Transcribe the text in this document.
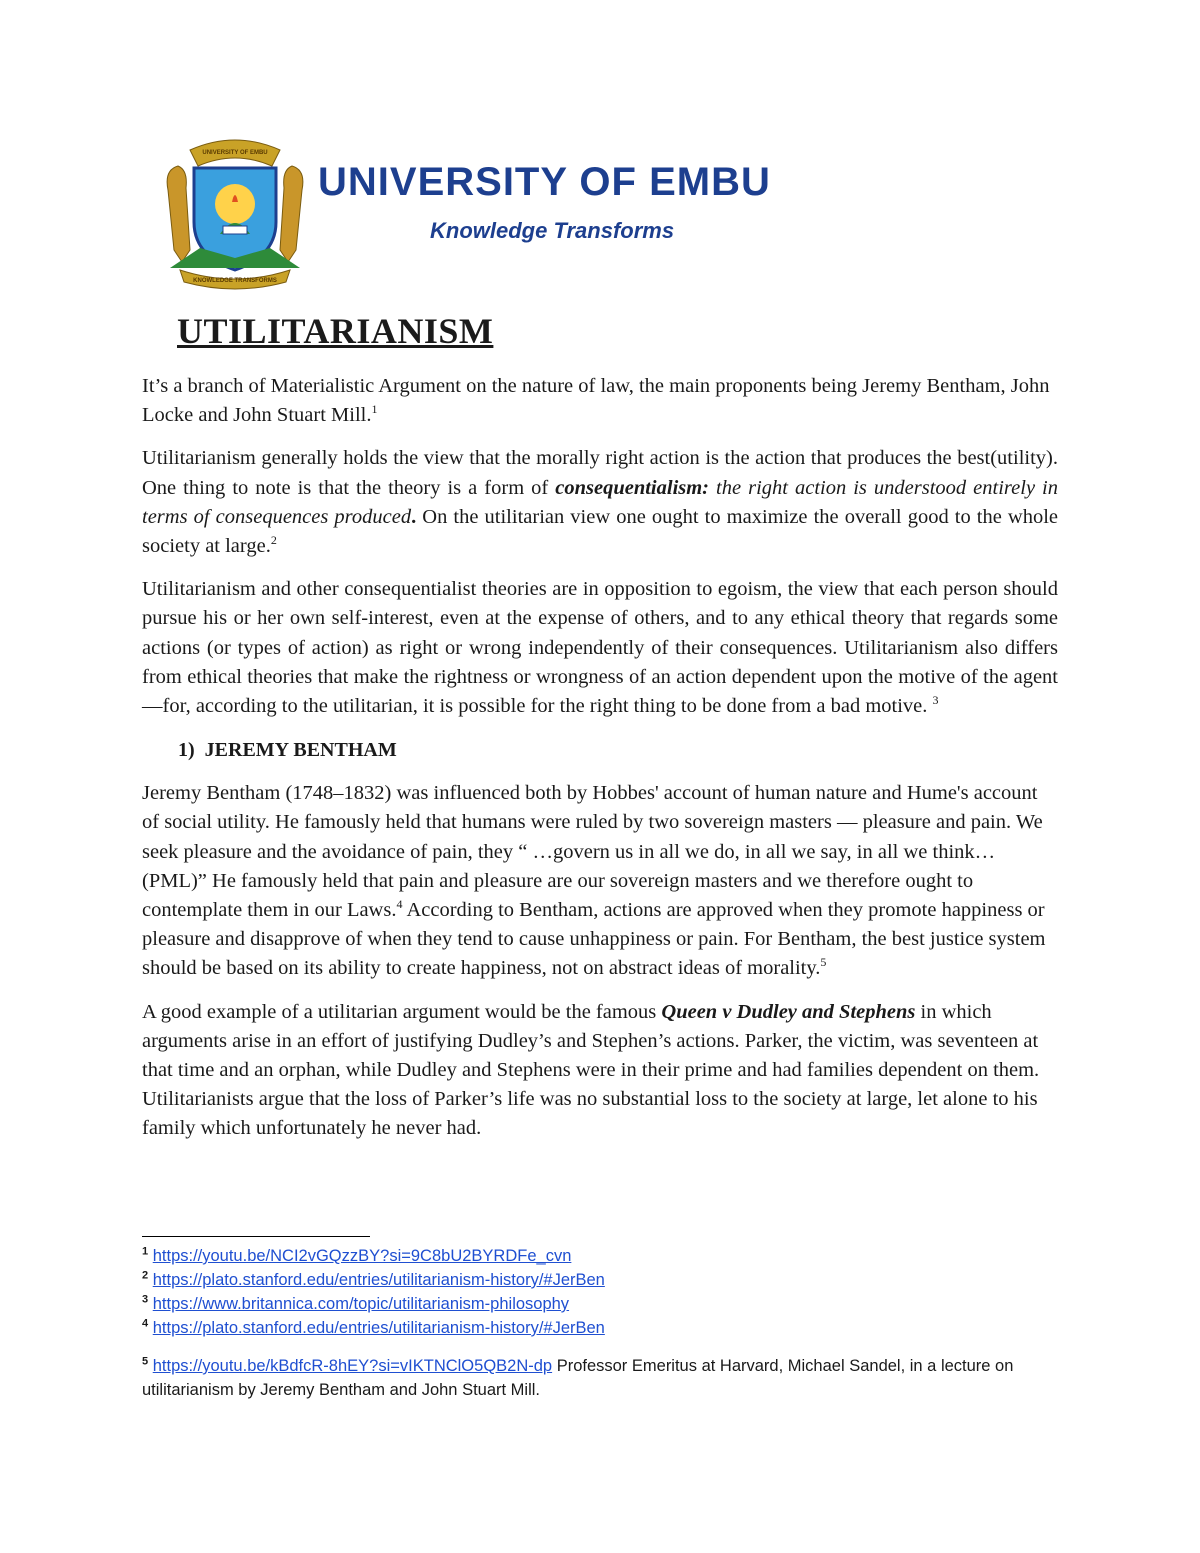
UNIVERSITY OF EMBU
KNOWLEDGE TRANSFORMS
UNIVERSITY OF EMBU
Knowledge Transforms
UTILITARIANISM

It’s a branch of Materialistic Argument on the nature of law, the main proponents being Jeremy Bentham, John Locke and John Stuart Mill.$^1$

Utilitarianism generally holds the view that the morally right action is the action that produces the best(utility). One thing to note is that the theory is a form of consequentialism: the right action is understood entirely in terms of consequences produced. On the utilitarian view one ought to maximize the overall good to the whole society at large.$^2$

Utilitarianism and other consequentialist theories are in opposition to egoism, the view that each person should pursue his or her own self-interest, even at the expense of others, and to any ethical theory that regards some actions (or types of action) as right or wrong independently of their consequences. Utilitarianism also differs from ethical theories that make the rightness or wrongness of an action dependent upon the motive of the agent—for, according to the utilitarian, it is possible for the right thing to be done from a bad motive. $^3$

1)  JEREMY BENTHAM

Jeremy Bentham (1748–1832) was influenced both by Hobbes' account of human nature and Hume's account of social utility. He famously held that humans were ruled by two sovereign masters — pleasure and pain. We seek pleasure and the avoidance of pain, they “ …govern us in all we do, in all we say, in all we think…(PML)” He famously held that pain and pleasure are our sovereign masters and we therefore ought to contemplate them in our Laws.$^4$ According to Bentham, actions are approved when they promote happiness or pleasure and disapprove of when they tend to cause unhappiness or pain. For Bentham, the best justice system should be based on its ability to create happiness, not on abstract ideas of morality.$^5$

A good example of a utilitarian argument would be the famous Queen v Dudley and Stephens in which arguments arise in an effort of justifying Dudley’s and Stephen’s actions. Parker, the victim, was seventeen at that time and an orphan, while Dudley and Stephens were in their prime and had families dependent on them. Utilitarianists argue that the loss of Parker’s life was no substantial loss to the society at large, let alone to his family which unfortunately he never had.

$^1$ https://youtu.be/NCI2vGQzzBY?si=9C8bU2BYRDFe_cvn
$^2$ https://plato.stanford.edu/entries/utilitarianism-history/#JerBen
$^3$ https://www.britannica.com/topic/utilitarianism-philosophy
$^4$ https://plato.stanford.edu/entries/utilitarianism-history/#JerBen
$^5$ https://youtu.be/kBdfcR-8hEY?si=vIKTNClO5QB2N-dp Professor Emeritus at Harvard, Michael Sandel, in a lecture on utilitarianism by Jeremy Bentham and John Stuart Mill.
